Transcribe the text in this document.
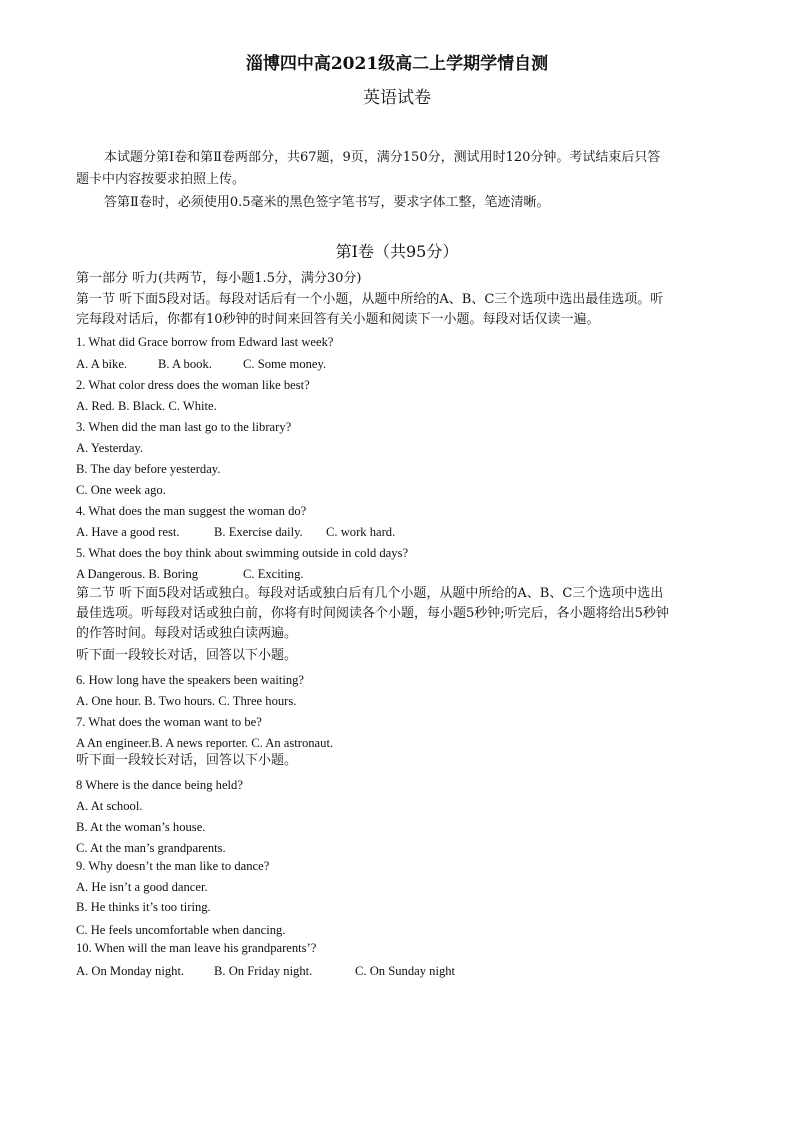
淄博四中高2021级高二上学期学情自测
英语试卷
本试题分第Ⅰ卷和第Ⅱ卷两部分，共67题，9页，满分150分，测试用时120分钟。考试结束后只答
题卡中内容按要求拍照上传。
答第Ⅱ卷时，必须使用0.5毫米的黑色签字笔书写，要求字体工整，笔迹清晰。
第Ⅰ卷（共95分）
第一部分 听力(共两节，每小题1.5分，满分30分)
第一节 听下面5段对话。每段对话后有一个小题，从题中所给的A、B、C三个选项中选出最佳选项。听
完每段对话后，你都有10秒钟的时间来回答有关小题和阅读下一小题。每段对话仅读一遍。
1. What did Grace borrow from Edward last week?
A. A bike. B. A book. C. Some money.
2. What color dress does the woman like best?
A. Red. B. Black. C. White.
3. When did the man last go to the library?
A. Yesterday.
B. The day before yesterday.
C. One week ago.
4. What does the man suggest the woman do?
A. Have a good rest.	B. Exercise daily. C. work hard.
5. What does the boy think about swimming outside in cold days?
A Dangerous. B. Boring	C. Exciting.
第二节 听下面5段对话或独白。每段对话或独白后有几个小题，从题中所给的A、B、C三个选项中选出
最佳选项。听每段对话或独白前，你将有时间阅读各个小题，每小题5秒钟;听完后，各小题将给出5秒钟
的作答时间。每段对话或独白读两遍。
听下面一段较长对话，回答以下小题。
6. How long have the speakers been waiting?
A. One hour. B. Two hours. C. Three hours.
7. What does the woman want to be?
A An engineer.B. A news reporter. C. An astronaut.
听下面一段较长对话，回答以下小题。
8 Where is the dance being held?
A. At school.
B. At the woman’s house.
C. At the man’s grandparents.
9. Why doesn’t the man like to dance?
A. He isn’t a good dancer.
B. He thinks it’s too tiring.
C. He feels uncomfortable when dancing.
10. When will the man leave his grandparents’?
A. On Monday night. B. On Friday night.	C. On Sunday night
